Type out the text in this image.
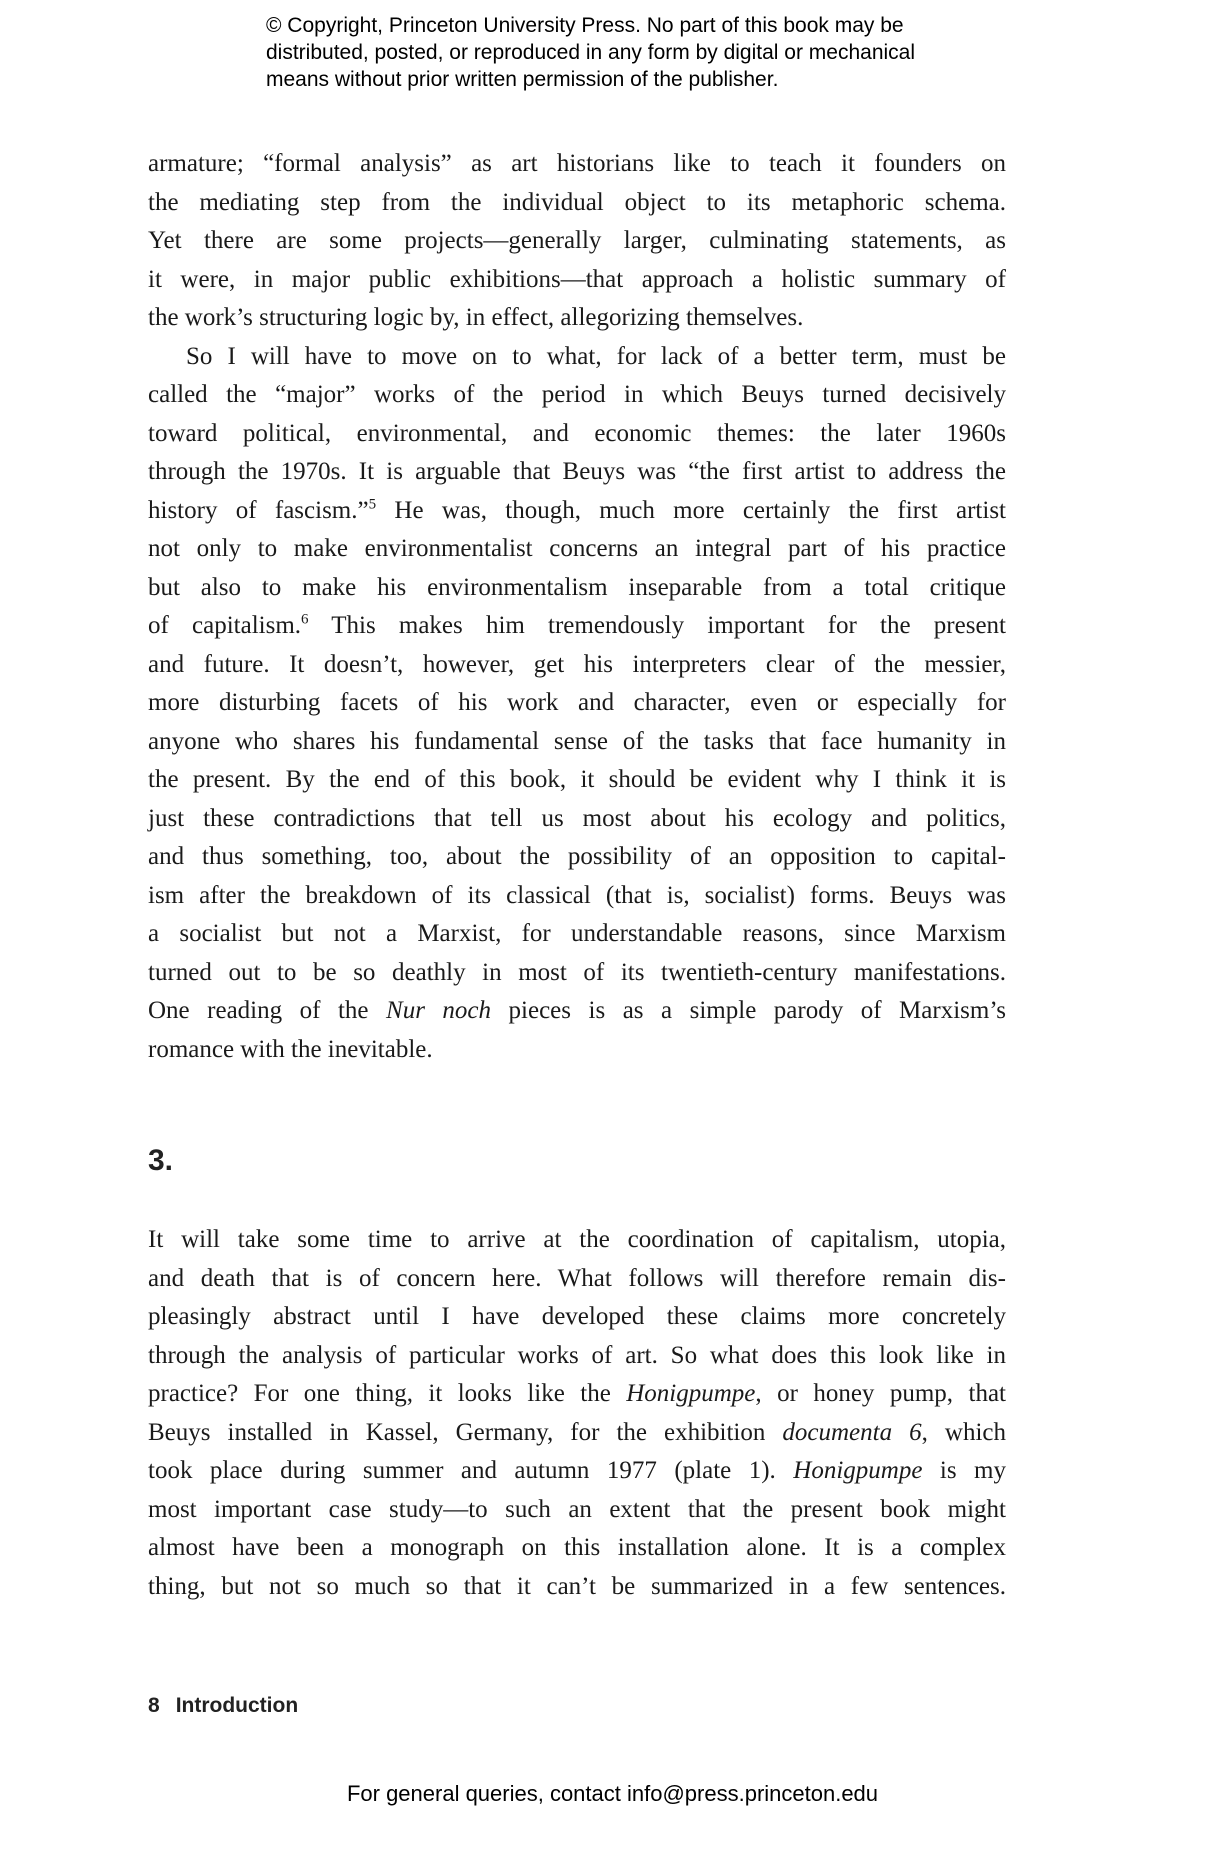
© Copyright, Princeton University Press. No part of this book may be
distributed, posted, or reproduced in any form by digital or mechanical
means without prior written permission of the publisher.
armature; “formal analysis” as art historians like to teach it founders on
the mediating step from the individual object to its metaphoric schema.
Yet there are some projects—generally larger, culminating statements, as
it were, in major public exhibitions—that approach a holistic summary of
the work’s structuring logic by, in effect, allegorizing themselves.
So I will have to move on to what, for lack of a better term, must be
called the “major” works of the period in which Beuys turned decisively
toward political, environmental, and economic themes: the later 1960s
through the 1970s. It is arguable that Beuys was “the first artist to address the
history of fascism.”$^5$ He was, though, much more certainly the first artist
not only to make environmentalist concerns an integral part of his practice
but also to make his environmentalism inseparable from a total critique
of capitalism.$^6$ This makes him tremendously important for the present
and future. It doesn’t, however, get his interpreters clear of the messier,
more disturbing facets of his work and character, even or especially for
anyone who shares his fundamental sense of the tasks that face humanity in
the present. By the end of this book, it should be evident why I think it is
just these contradictions that tell us most about his ecology and politics,
and thus something, too, about the possibility of an opposition to capital-
ism after the breakdown of its classical (that is, socialist) forms. Beuys was
a socialist but not a Marxist, for understandable reasons, since Marxism
turned out to be so deathly in most of its twentieth-century manifestations.
One reading of the Nur noch pieces is as a simple parody of Marxism’s
romance with the inevitable.
3.
It will take some time to arrive at the coordination of capitalism, utopia,
and death that is of concern here. What follows will therefore remain dis-
pleasingly abstract until I have developed these claims more concretely
through the analysis of particular works of art. So what does this look like in
practice? For one thing, it looks like the Honigpumpe, or honey pump, that
Beuys installed in Kassel, Germany, for the exhibition documenta 6, which
took place during summer and autumn 1977 (plate 1). Honigpumpe is my
most important case study—to such an extent that the present book might
almost have been a monograph on this installation alone. It is a complex
thing, but not so much so that it can’t be summarized in a few sentences.
8 Introduction
For general queries, contact info@press.princeton.edu
